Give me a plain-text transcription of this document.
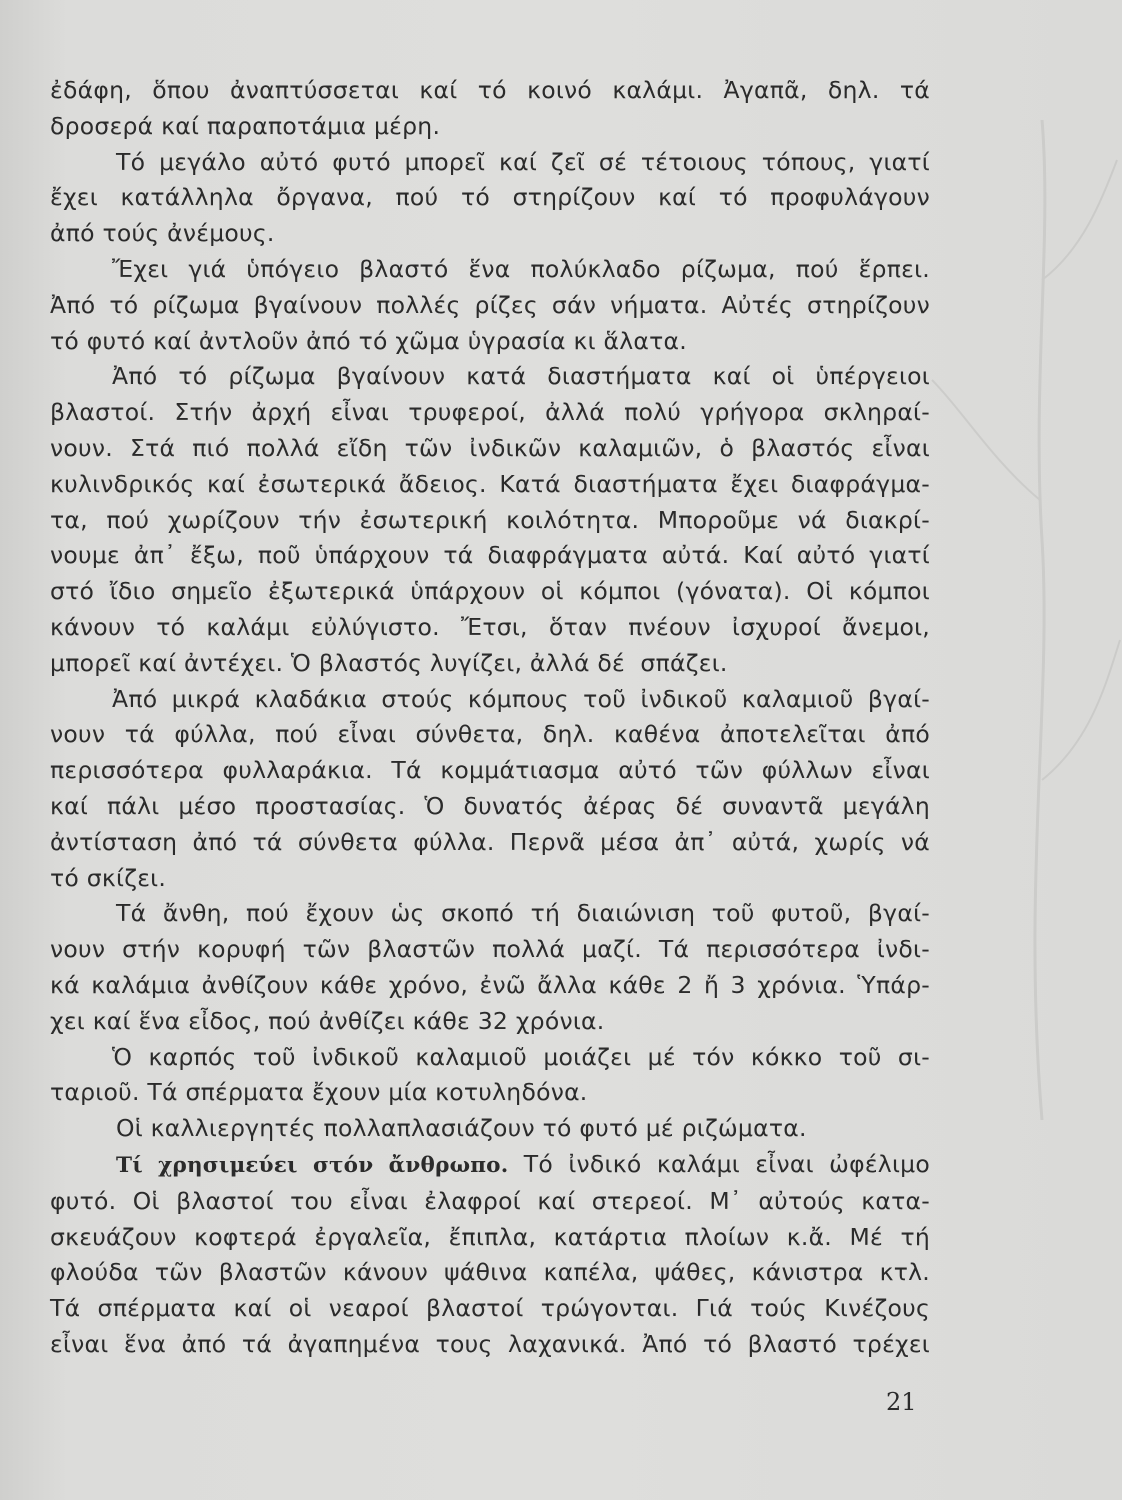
ἐδάφη, ὅπου ἀναπτύσσεται καί τό κοινό καλάμι. Ἀγαπᾶ, δηλ. τά
δροσερά καί παραποτάμια μέρη.
Τό μεγάλο αὐτό φυτό μπορεῖ καί ζεῖ σέ τέτοιους τόπους, γιατί
ἔχει κατάλληλα ὄργανα, πού τό στηρίζουν καί τό προφυλάγουν
ἀπό τούς ἀνέμους.
Ἔχει γιά ὑπόγειο βλαστό ἕνα πολύκλαδο ρίζωμα, πού ἕρπει.
Ἀπό τό ρίζωμα βγαίνουν πολλές ρίζες σάν νήματα. Αὐτές στηρίζουν
τό φυτό καί ἀντλοῦν ἀπό τό χῶμα ὑγρασία κι ἅλατα.
Ἀπό τό ρίζωμα βγαίνουν κατά διαστήματα καί οἱ ὑπέργειοι
βλαστοί. Στήν ἀρχή εἶναι τρυφεροί, ἀλλά πολύ γρήγορα σκληραί-
νουν. Στά πιό πολλά εἴδη τῶν ἰνδικῶν καλαμιῶν, ὁ βλαστός εἶναι
κυλινδρικός καί ἐσωτερικά ἄδειος. Κατά διαστήματα ἔχει διαφράγμα-
τα, πού χωρίζουν τήν ἐσωτερική κοιλότητα. Μποροῦμε νά διακρί-
νουμε ἀπ᾽ ἔξω, ποῦ ὑπάρχουν τά διαφράγματα αὐτά. Καί αὐτό γιατί
στό ἴδιο σημεῖο ἐξωτερικά ὑπάρχουν οἱ κόμποι (γόνατα). Οἱ κόμποι
κάνουν τό καλάμι εὐλύγιστο. Ἔτσι, ὅταν πνέουν ἰσχυροί ἄνεμοι,
μπορεῖ καί ἀντέχει. Ὁ βλαστός λυγίζει, ἀλλά δέ  σπάζει.
Ἀπό μικρά κλαδάκια στούς κόμπους τοῦ ἰνδικοῦ καλαμιοῦ βγαί-
νουν τά φύλλα, πού εἶναι σύνθετα, δηλ. καθένα ἀποτελεῖται ἀπό
περισσότερα φυλλαράκια. Τά κομμάτιασμα αὐτό τῶν φύλλων εἶναι
καί πάλι μέσο προστασίας. Ὁ δυνατός ἀέρας δέ συναντᾶ μεγάλη
ἀντίσταση ἀπό τά σύνθετα φύλλα. Περνᾶ μέσα ἀπ᾽ αὐτά, χωρίς νά
τό σκίζει.
Τά ἄνθη, πού ἔχουν ὡς σκοπό τή διαιώνιση τοῦ φυτοῦ, βγαί-
νουν στήν κορυφή τῶν βλαστῶν πολλά μαζί. Τά περισσότερα ἰνδι-
κά καλάμια ἀνθίζουν κάθε χρόνο, ἐνῶ ἄλλα κάθε 2 ἤ 3 χρόνια. Ὑπάρ-
χει καί ἕνα εἶδος, πού ἀνθίζει κάθε 32 χρόνια.
Ὁ καρπός τοῦ ἰνδικοῦ καλαμιοῦ μοιάζει μέ τόν κόκκο τοῦ σι-
ταριοῦ. Τά σπέρματα ἔχουν μία κοτυληδόνα.
Οἱ καλλιεργητές πολλαπλασιάζουν τό φυτό μέ ριζώματα.
Τί χρησιμεύει στόν ἄνθρωπο. Τό ἰνδικό καλάμι εἶναι ὠφέλιμο
φυτό. Οἱ βλαστοί του εἶναι ἐλαφροί καί στερεοί. Μ᾽ αὐτούς κατα-
σκευάζουν κοφτερά ἐργαλεῖα, ἔπιπλα, κατάρτια πλοίων κ.ἄ. Μέ τή
φλούδα τῶν βλαστῶν κάνουν ψάθινα καπέλα, ψάθες, κάνιστρα κτλ.
Τά σπέρματα καί οἱ νεαροί βλαστοί τρώγονται. Γιά τούς Κινέζους
εἶναι ἕνα ἀπό τά ἀγαπημένα τους λαχανικά. Ἀπό τό βλαστό τρέχει
21
